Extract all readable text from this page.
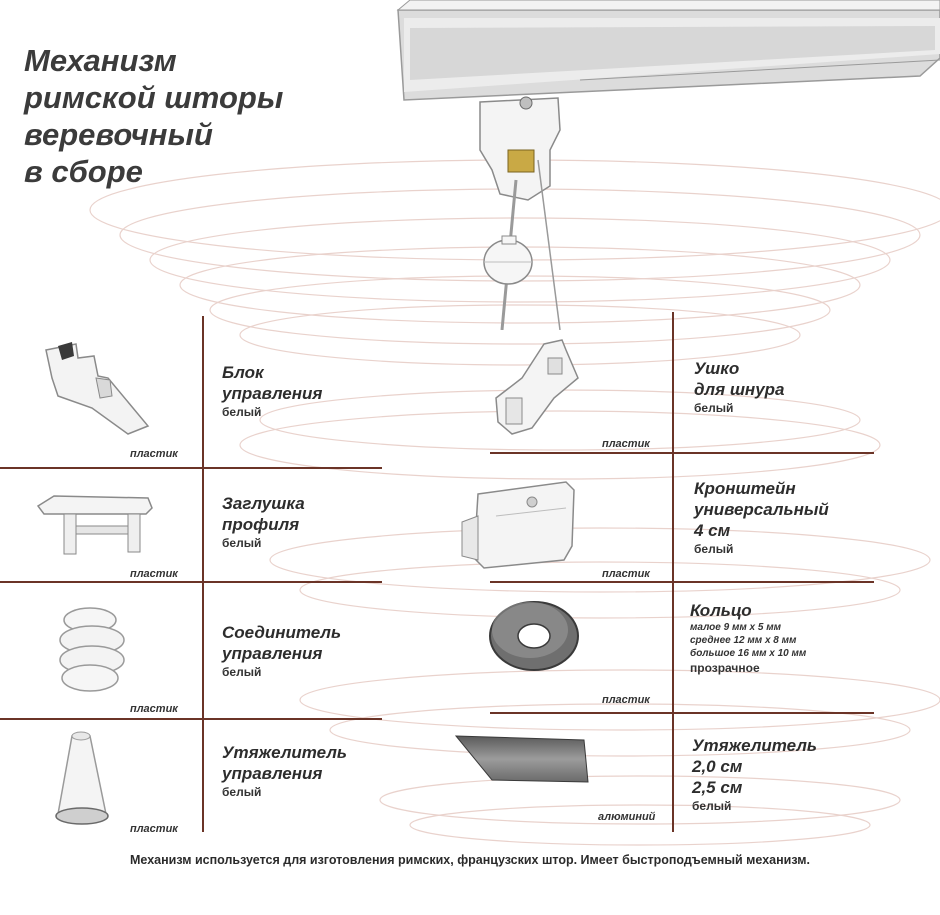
Механизм
римской шторы
веревочный
в сборе
пластик
Блок
управления
белый
пластик
Заглушка
профиля
белый
пластик
Соединитель
управления
белый
пластик
Утяжелитель
управления
белый
пластик
Ушко
для шнура
белый
пластик
Кронштейн
универсальный
4 см
белый
пластик
Кольцо
малое 9 мм х 5 мм
среднее 12 мм х 8 мм
большое 16 мм х 10 мм
прозрачное
алюминий
Утяжелитель
2,0 см
2,5 см
белый
Механизм используется для изготовления римских, французских штор. Имеет быстроподъемный механизм.
